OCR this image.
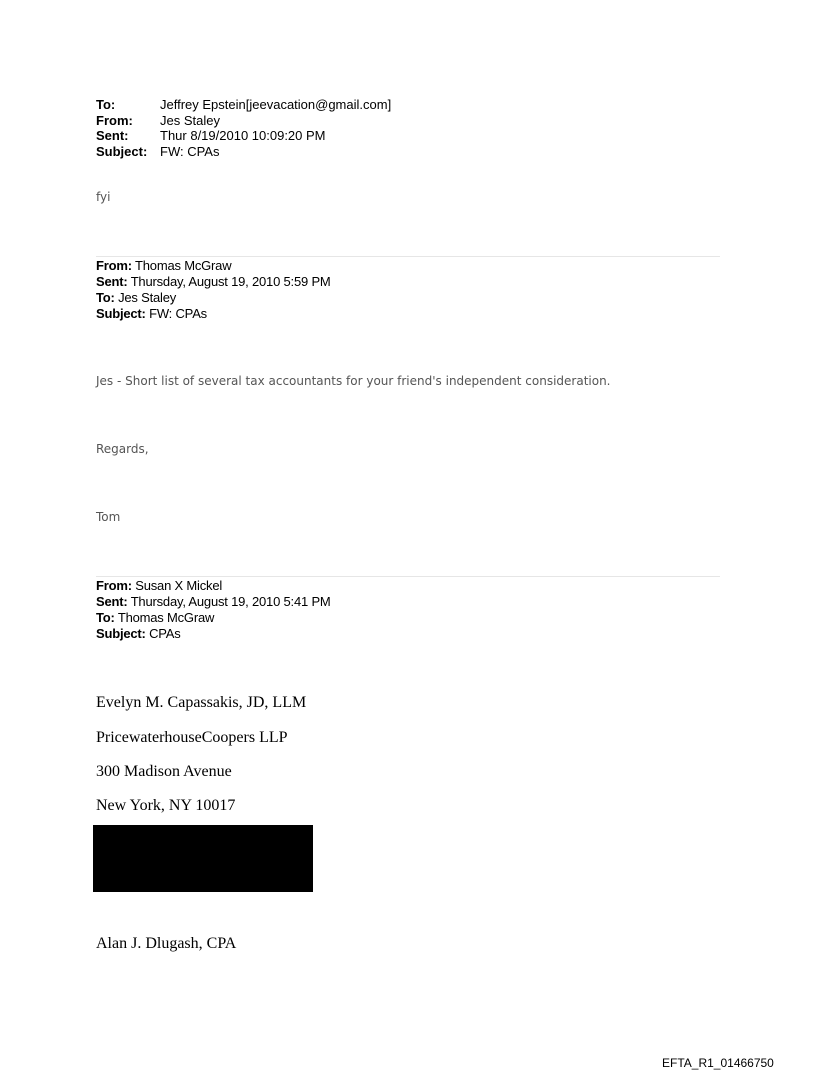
To:	Jeffrey Epstein[jeevacation@gmail.com]
From:	Jes Staley
Sent:	Thur 8/19/2010 10:09:20 PM
Subject: FW: CPAs
fyi
From: Thomas McGraw
Sent: Thursday, August 19, 2010 5:59 PM
To: Jes Staley
Subject: FW: CPAs
Jes - Short list of several tax accountants for your friend's independent consideration.
Regards,
Tom
From: Susan X Mickel
Sent: Thursday, August 19, 2010 5:41 PM
To: Thomas McGraw
Subject: CPAs
Evelyn M. Capassakis, JD, LLM
PricewaterhouseCoopers LLP
300 Madison Avenue
New York, NY 10017
Alan J. Dlugash, CPA
EFTA_R1_01466750
